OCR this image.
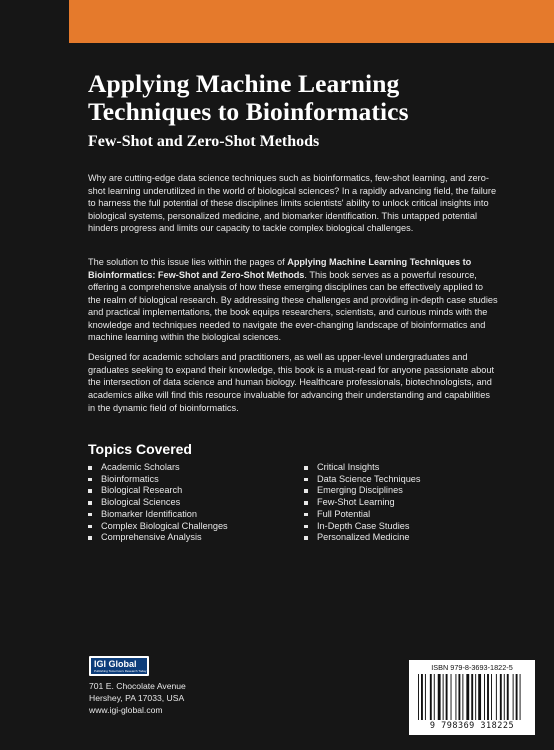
Applying Machine Learning
Techniques to Bioinformatics
Few-Shot and Zero-Shot Methods

Why are cutting-edge data science techniques such as bioinformatics, few-shot learning, and zero-shot learning underutilized in the world of biological sciences? In a rapidly advancing field, the failure to harness the full potential of these disciplines limits scientists' ability to unlock critical insights into biological systems, personalized medicine, and biomarker identification. This untapped potential hinders progress and limits our capacity to tackle complex biological challenges.

The solution to this issue lies within the pages of Applying Machine Learning Techniques to Bioinformatics: Few-Shot and Zero-Shot Methods. This book serves as a powerful resource, offering a comprehensive analysis of how these emerging disciplines can be effectively applied to the realm of biological research. By addressing these challenges and providing in-depth case studies and practical implementations, the book equips researchers, scientists, and curious minds with the knowledge and techniques needed to navigate the ever-changing landscape of bioinformatics and machine learning within the biological sciences.

Designed for academic scholars and practitioners, as well as upper-level undergraduates and graduates seeking to expand their knowledge, this book is a must-read for anyone passionate about the intersection of data science and human biology. Healthcare professionals, biotechnologists, and academics alike will find this resource invaluable for advancing their understanding and capabilities in the dynamic field of bioinformatics.

Topics Covered
Academic Scholars
Bioinformatics
Biological Research
Biological Sciences
Biomarker Identification
Complex Biological Challenges
Comprehensive Analysis
Critical Insights
Data Science Techniques
Emerging Disciplines
Few-Shot Learning
Full Potential
In-Depth Case Studies
Personalized Medicine
IGI Global
Publishing Tomorrow's Research Today
701 E. Chocolate Avenue
Hershey, PA 17033, USA
www.igi-global.com
ISBN 979-8-3693-1822-5
9 798369 318225
